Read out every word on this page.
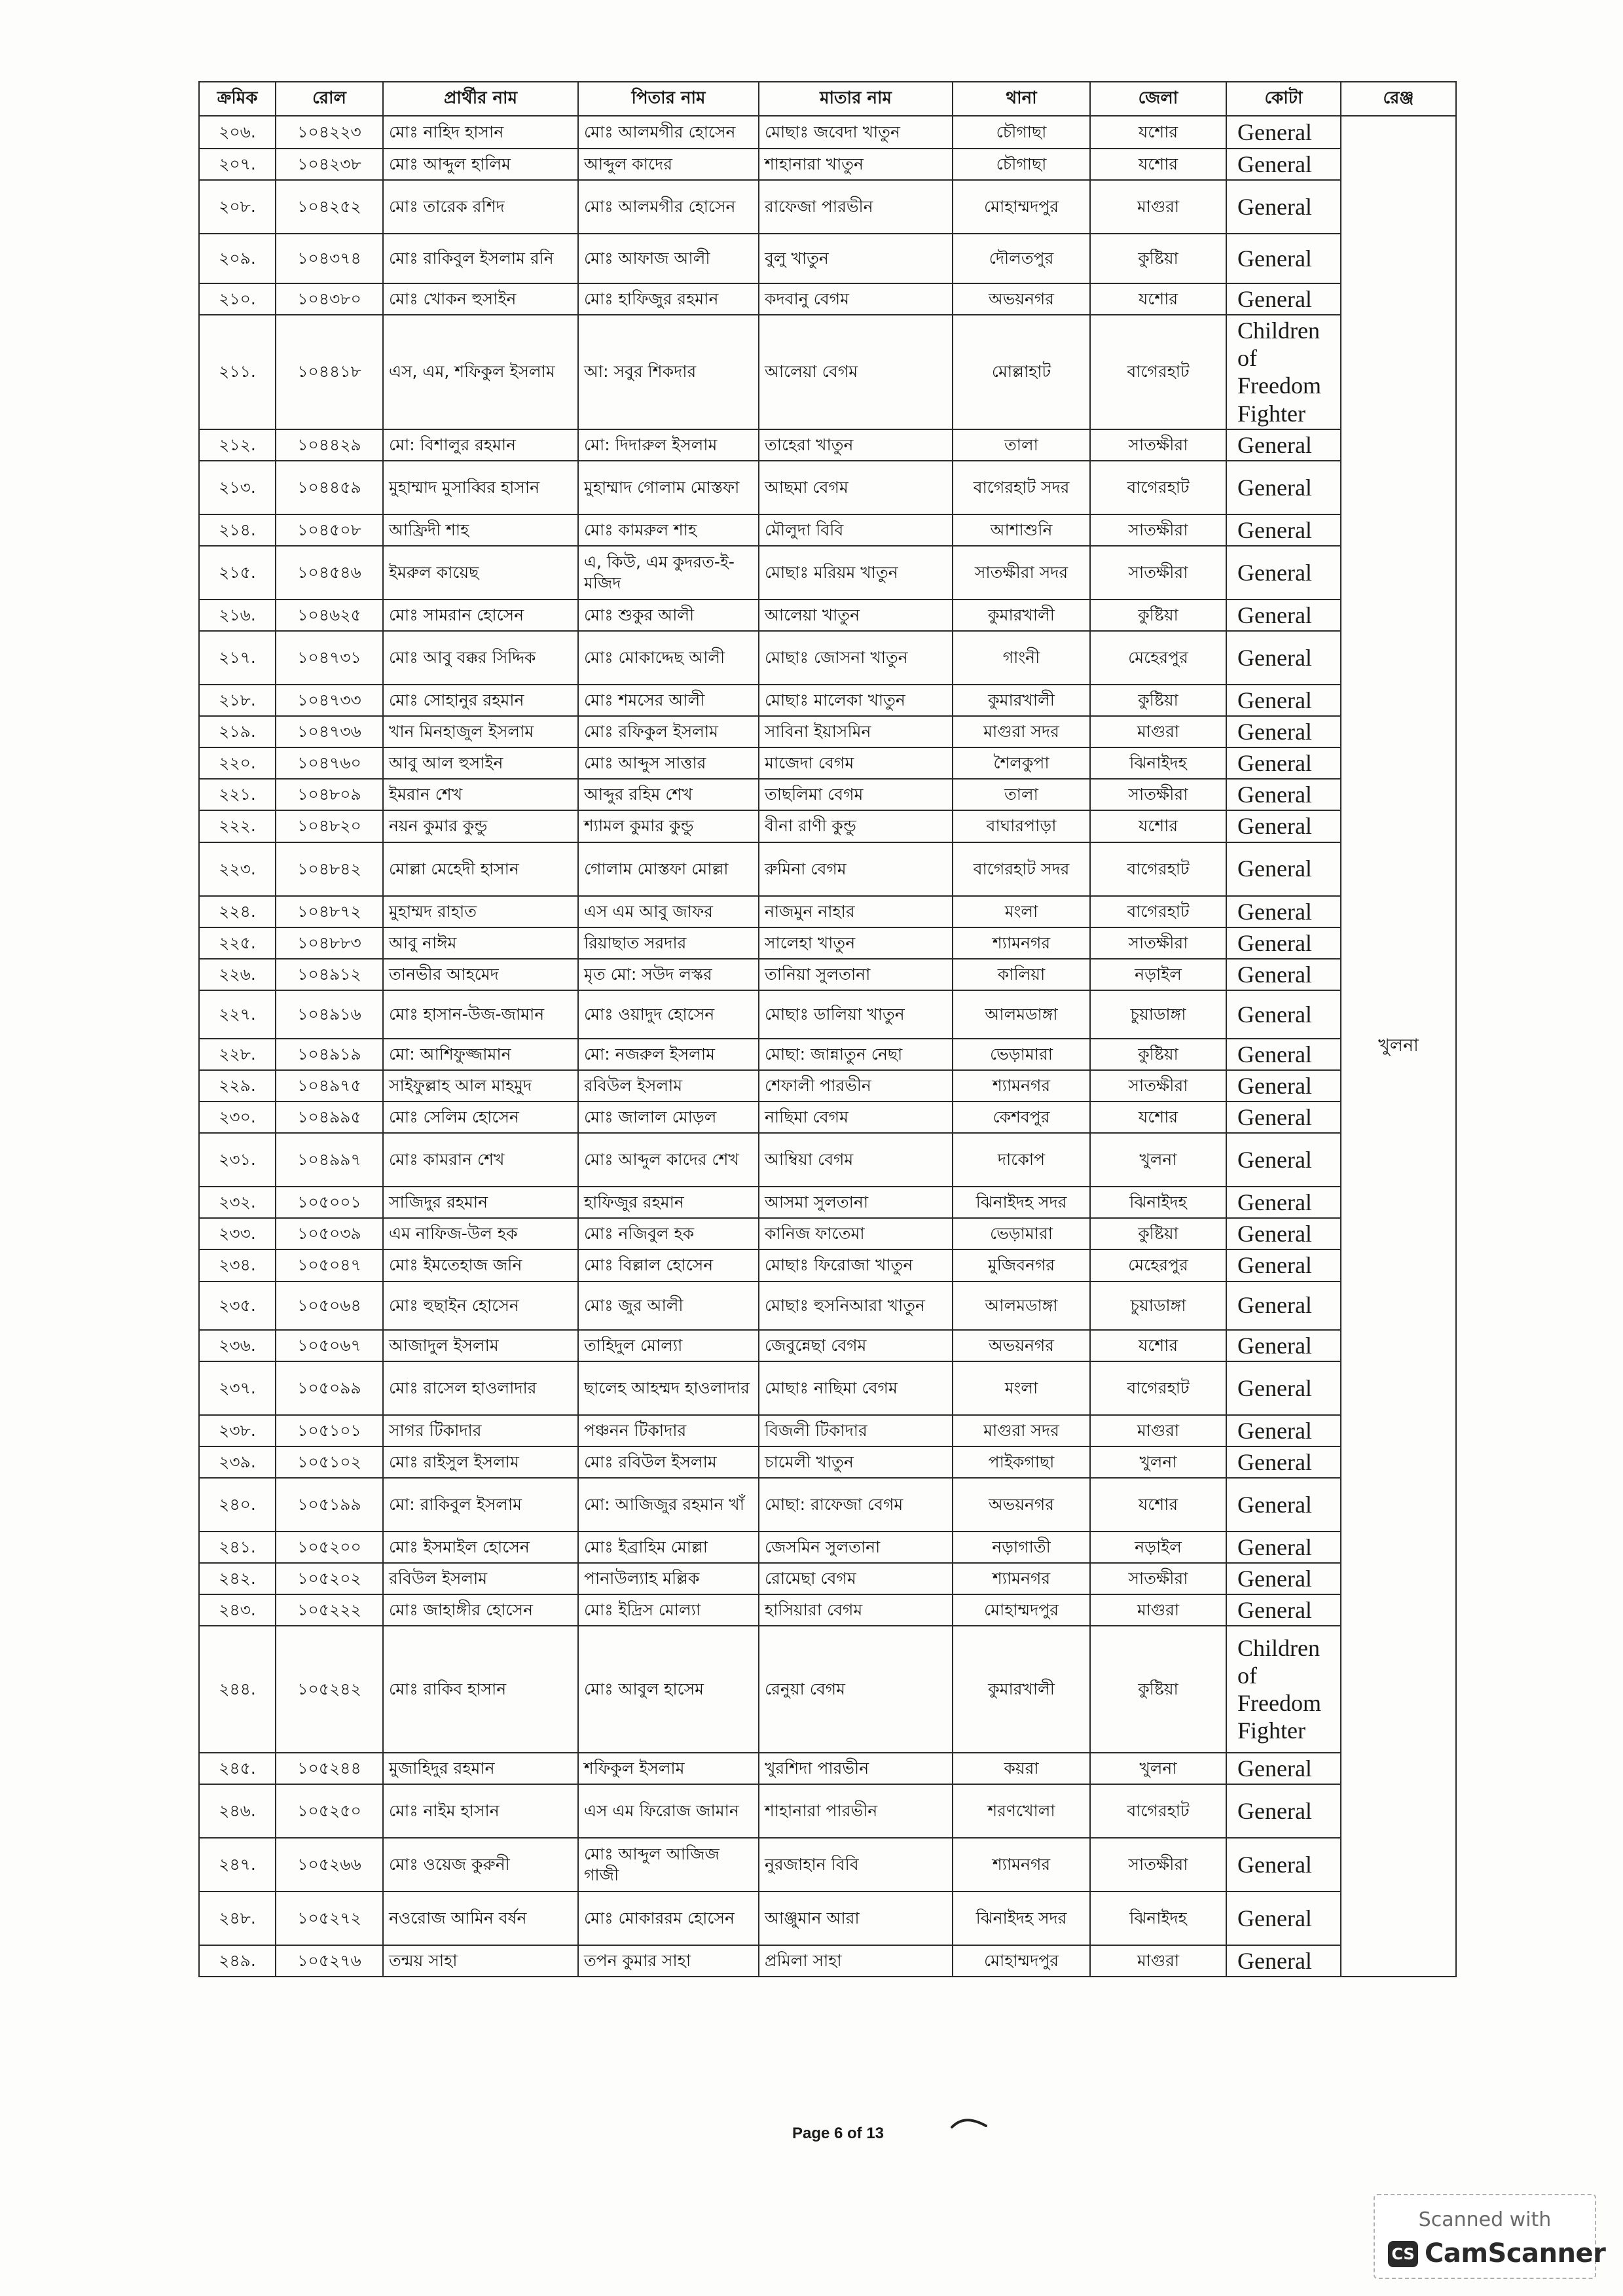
ক্রমিক	রোল	প্রার্থীর নাম	পিতার নাম	মাতার নাম	থানা	জেলা	কোটা	রেঞ্জ
২০৬.	১০৪২২৩	মোঃ নাহিদ হাসান	মোঃ আলমগীর হোসেন	মোছাঃ জবেদা খাতুন	চৌগাছা	যশোর	General	খুলনা
২০৭.	১০৪২৩৮	মোঃ আব্দুল হালিম	আব্দুল কাদের	শাহানারা খাতুন	চৌগাছা	যশোর	General	
২০৮.	১০৪২৫২	মোঃ তারেক রশিদ	মোঃ আলমগীর হোসেন	রাফেজা পারভীন	মোহাম্মদপুর	মাগুরা	General	
২০৯.	১০৪৩৭৪	মোঃ রাকিবুল ইসলাম রনি	মোঃ আফাজ আলী	বুলু খাতুন	দৌলতপুর	কুষ্টিয়া	General	
২১০.	১০৪৩৮০	মোঃ খোকন হুসাইন	মোঃ হাফিজুর রহমান	কদবানু বেগম	অভয়নগর	যশোর	General	
২১১.	১০৪৪১৮	এস, এম, শফিকুল ইসলাম	আ: সবুর শিকদার	আলেয়া বেগম	মোল্লাহাট	বাগেরহাট	Children of Freedom Fighter	
২১২.	১০৪৪২৯	মো: বিশালুর রহমান	মো: দিদারুল ইসলাম	তাহেরা খাতুন	তালা	সাতক্ষীরা	General	
২১৩.	১০৪৪৫৯	মুহাম্মাদ মুসাব্বির হাসান	মুহাম্মাদ গোলাম মোস্তফা	আছমা বেগম	বাগেরহাট সদর	বাগেরহাট	General	
২১৪.	১০৪৫০৮	আফ্রিদী শাহ	মোঃ কামরুল শাহ	মৌলুদা বিবি	আশাশুনি	সাতক্ষীরা	General	
২১৫.	১০৪৫৪৬	ইমরুল কায়েছ	এ, কিউ, এম কুদরত-ই-মজিদ	মোছাঃ মরিয়ম খাতুন	সাতক্ষীরা সদর	সাতক্ষীরা	General	
২১৬.	১০৪৬২৫	মোঃ সামরান হোসেন	মোঃ শুকুর আলী	আলেয়া খাতুন	কুমারখালী	কুষ্টিয়া	General	
২১৭.	১০৪৭৩১	মোঃ আবু বক্কর সিদ্দিক	মোঃ মোকাদ্দেছ আলী	মোছাঃ জোসনা খাতুন	গাংনী	মেহেরপুর	General	
২১৮.	১০৪৭৩৩	মোঃ সোহানুর রহমান	মোঃ শমসের আলী	মোছাঃ মালেকা খাতুন	কুমারখালী	কুষ্টিয়া	General	
২১৯.	১০৪৭৩৬	খান মিনহাজুল ইসলাম	মোঃ রফিকুল ইসলাম	সাবিনা ইয়াসমিন	মাগুরা সদর	মাগুরা	General	
২২০.	১০৪৭৬০	আবু আল হুসাইন	মোঃ আব্দুস সাত্তার	মাজেদা বেগম	শৈলকুপা	ঝিনাইদহ	General	
২২১.	১০৪৮০৯	ইমরান শেখ	আব্দুর রহিম শেখ	তাছলিমা বেগম	তালা	সাতক্ষীরা	General	
২২২.	১০৪৮২০	নয়ন কুমার কুন্ডু	শ্যামল কুমার কুন্ডু	বীনা রাণী কুন্ডু	বাঘারপাড়া	যশোর	General	
২২৩.	১০৪৮৪২	মোল্লা মেহেদী হাসান	গোলাম মোস্তফা মোল্লা	রুমিনা বেগম	বাগেরহাট সদর	বাগেরহাট	General	
২২৪.	১০৪৮৭২	মুহাম্মদ রাহাত	এস এম আবু জাফর	নাজমুন নাহার	মংলা	বাগেরহাট	General	
২২৫.	১০৪৮৮৩	আবু নাঈম	রিয়াছাত সরদার	সালেহা খাতুন	শ্যামনগর	সাতক্ষীরা	General	
২২৬.	১০৪৯১২	তানভীর আহমেদ	মৃত মো: সউদ লস্কর	তানিয়া সুলতানা	কালিয়া	নড়াইল	General	
২২৭.	১০৪৯১৬	মোঃ হাসান-উজ-জামান	মোঃ ওয়াদুদ হোসেন	মোছাঃ ডালিয়া খাতুন	আলমডাঙ্গা	চুয়াডাঙ্গা	General	
২২৮.	১০৪৯১৯	মো: আশিফুজ্জামান	মো: নজরুল ইসলাম	মোছা: জান্নাতুন নেছা	ভেড়ামারা	কুষ্টিয়া	General	
২২৯.	১০৪৯৭৫	সাইফুল্লাহ আল মাহমুদ	রবিউল ইসলাম	শেফালী পারভীন	শ্যামনগর	সাতক্ষীরা	General	
২৩০.	১০৪৯৯৫	মোঃ সেলিম হোসেন	মোঃ জালাল মোড়ল	নাছিমা বেগম	কেশবপুর	যশোর	General	
২৩১.	১০৪৯৯৭	মোঃ কামরান শেখ	মোঃ আব্দুল কাদের শেখ	আম্বিয়া বেগম	দাকোপ	খুলনা	General	
২৩২.	১০৫০০১	সাজিদুর রহমান	হাফিজুর রহমান	আসমা সুলতানা	ঝিনাইদহ সদর	ঝিনাইদহ	General	
২৩৩.	১০৫০৩৯	এম নাফিজ-উল হক	মোঃ নজিবুল হক	কানিজ ফাতেমা	ভেড়ামারা	কুষ্টিয়া	General	
২৩৪.	১০৫০৪৭	মোঃ ইমতেহাজ জনি	মোঃ বিল্লাল হোসেন	মোছাঃ ফিরোজা খাতুন	মুজিবনগর	মেহেরপুর	General	
২৩৫.	১০৫০৬৪	মোঃ হুছাইন হোসেন	মোঃ জুর আলী	মোছাঃ হুসনিআরা খাতুন	আলমডাঙ্গা	চুয়াডাঙ্গা	General	
২৩৬.	১০৫০৬৭	আজাদুল ইসলাম	তাহিদুল মোল্যা	জেবুন্নেছা বেগম	অভয়নগর	যশোর	General	
২৩৭.	১০৫০৯৯	মোঃ রাসেল হাওলাদার	ছালেহ আহম্মদ হাওলাদার	মোছাঃ নাছিমা বেগম	মংলা	বাগেরহাট	General	
২৩৮.	১০৫১০১	সাগর টিকাদার	পঞ্চনন টিকাদার	বিজলী টিকাদার	মাগুরা সদর	মাগুরা	General	
২৩৯.	১০৫১০২	মোঃ রাইসুল ইসলাম	মোঃ রবিউল ইসলাম	চামেলী খাতুন	পাইকগাছা	খুলনা	General	
২৪০.	১০৫১৯৯	মো: রাকিবুল ইসলাম	মো: আজিজুর রহমান খাঁ	মোছা: রাফেজা বেগম	অভয়নগর	যশোর	General	
২৪১.	১০৫২০০	মোঃ ইসমাইল হোসেন	মোঃ ইব্রাহিম মোল্লা	জেসমিন সুলতানা	নড়াগাতী	নড়াইল	General	
২৪২.	১০৫২০২	রবিউল ইসলাম	পানাউল্যাহ মল্লিক	রোমেছা বেগম	শ্যামনগর	সাতক্ষীরা	General	
২৪৩.	১০৫২২২	মোঃ জাহাঙ্গীর হোসেন	মোঃ ইদ্রিস মোল্যা	হাসিয়ারা বেগম	মোহাম্মদপুর	মাগুরা	General	
২৪৪.	১০৫২৪২	মোঃ রাকিব হাসান	মোঃ আবুল হাসেম	রেনুয়া বেগম	কুমারখালী	কুষ্টিয়া	Children of Freedom Fighter	
২৪৫.	১০৫২৪৪	মুজাহিদুর রহমান	শফিকুল ইসলাম	খুরশিদা পারভীন	কয়রা	খুলনা	General	
২৪৬.	১০৫২৫০	মোঃ নাইম হাসান	এস এম ফিরোজ জামান	শাহানারা পারভীন	শরণখোলা	বাগেরহাট	General	
২৪৭.	১০৫২৬৬	মোঃ ওয়েজ কুরুনী	মোঃ আব্দুল আজিজ গাজী	নুরজাহান বিবি	শ্যামনগর	সাতক্ষীরা	General	
২৪৮.	১০৫২৭২	নওরোজ আমিন বর্ষন	মোঃ মোকাররম হোসেন	আঞ্জুমান আরা	ঝিনাইদহ সদর	ঝিনাইদহ	General	
২৪৯.	১০৫২৭৬	তন্ময় সাহা	তপন কুমার সাহা	প্রমিলা সাহা	মোহাম্মদপুর	মাগুরা	General	
Page 6 of 13
Scanned with
CS CamScanner
